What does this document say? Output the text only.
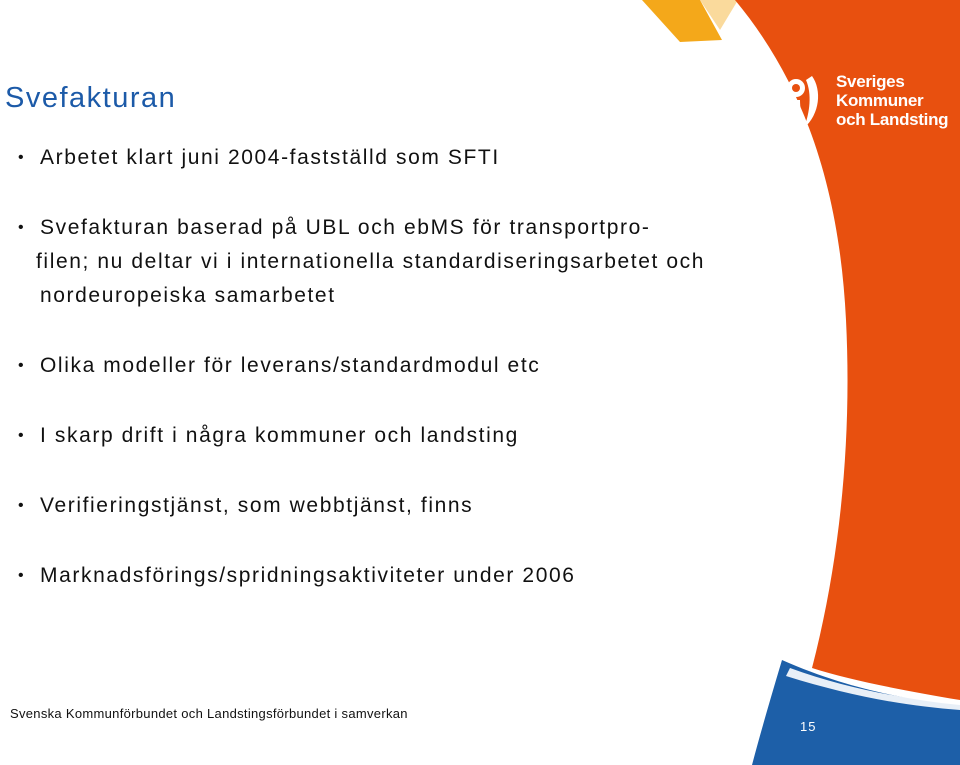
Sveriges
Kommuner
och Landsting
Svefakturan
• Arbetet klart juni 2004-fastställd som SFTI
• Svefakturan baserad på UBL och ebMS för transportpro-
filen; nu deltar vi i internationella standardiseringsarbetet och
nordeuropeiska samarbetet
• Olika modeller för leverans/standardmodul etc
• I skarp drift i några kommuner och landsting
• Verifieringstjänst, som webbtjänst, finns
• Marknadsförings/spridningsaktiviteter under 2006
Svenska Kommunförbundet och Landstingsförbundet i samverkan
15
